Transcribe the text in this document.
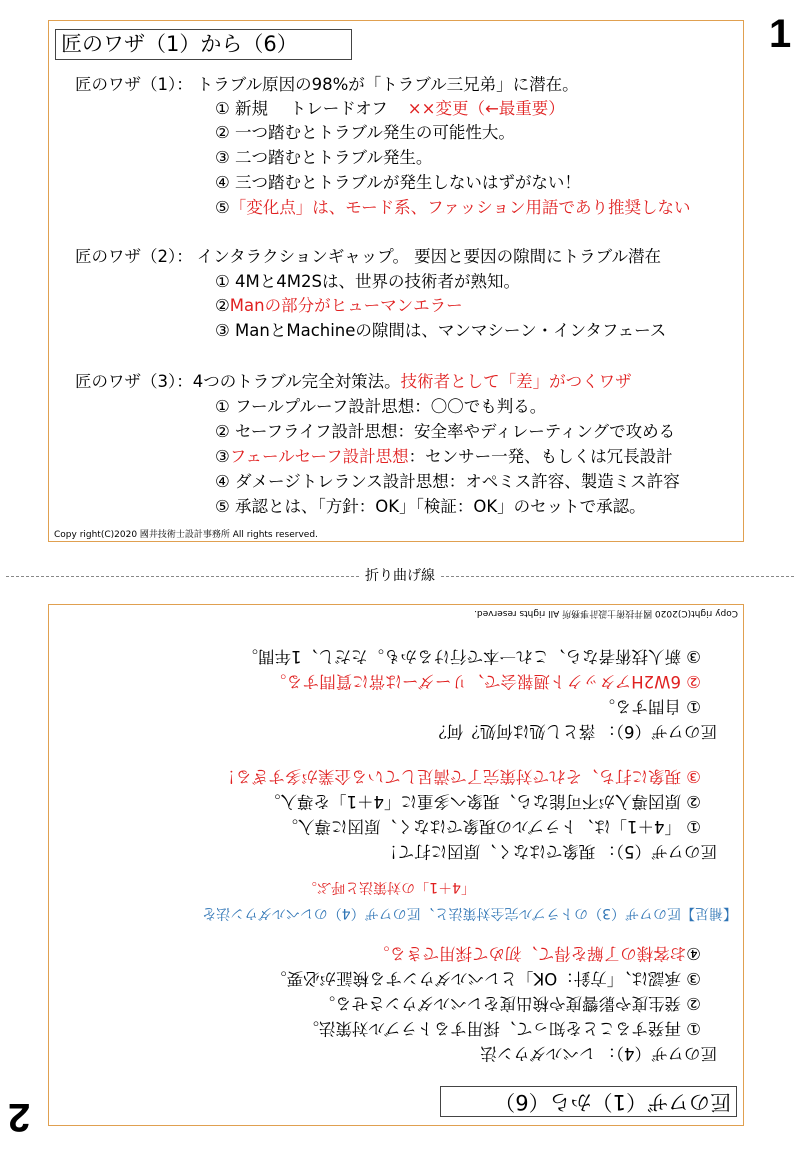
1
匠のワザ（1）から（6）
匠のワザ（1）： トラブル原因の98%が「トラブル三兄弟」に潜在。
① 新規　 トレードオフ ××変更（←最重要）
② 一つ踏むとトラブル発生の可能性大。
③ 二つ踏むとトラブル発生。
④ 三つ踏むとトラブルが発生しないはずがない！
⑤「変化点」は、モード系、ファッション用語であり推奨しない
匠のワザ（2）： インタラクションギャップ。 要因と要因の隙間にトラブル潜在
① 4Mと4M2Sは、世界の技術者が熟知。
②Manの部分がヒューマンエラー
③ ManとMachineの隙間は、マンマシーン・インタフェース
匠のワザ（3）：4つのトラブル完全対策法。技術者として「差」がつくワザ
① フールプルーフ設計思想：〇〇でも判る。
② セーフライフ設計思想：安全率やディレーティングで攻める
③フェールセーフ設計思想：センサー一発、もしくは冗長設計
④ ダメージトレランス設計思想：オペミス許容、製造ミス許容
⑤ 承認とは、「方針：OK」「検証：OK」のセットで承認。
Copy right(C)2020 國井技術士設計事務所 All rights reserved.
折り曲げ線
匠のワザ（1）から（6）
匠のワザ（4）：レベルダウン法
① 再発することを知って、採用するトラブル対策法。
② 発生度や影響度や検出度をレベルダウンさせる。
③ 承認は、「方針：OK」とレベルダウンする検証が必要。
④お客様の了解を得て、初めて採用できる。
【補足】匠のワザ（3）のトラブル完全対策法と、匠のワザ（4）のレベルダウン法を
「4＋1」の対策法と呼ぶ。
匠のワザ（5）：現象ではなく、原因に打て！
① 「4＋1」は、トラブルの現象ではなく、原因に導入。
② 原因導入が不可能なら、現象へ多重に「4＋1」を導入。
③ 現象に打ち、それで対策完了で満足している企業が多すぎる！
匠のワザ（6）：落とし処は何処？何？
① 自問する。
② 6W2Hアタックト週報会で、リーダーは常に質問する。
③ 新人技術者なら、これ一本で行けるかも。ただし、1年間。
Copy right(C)2020 國井技術士設計事務所 All rights reserved.
2
